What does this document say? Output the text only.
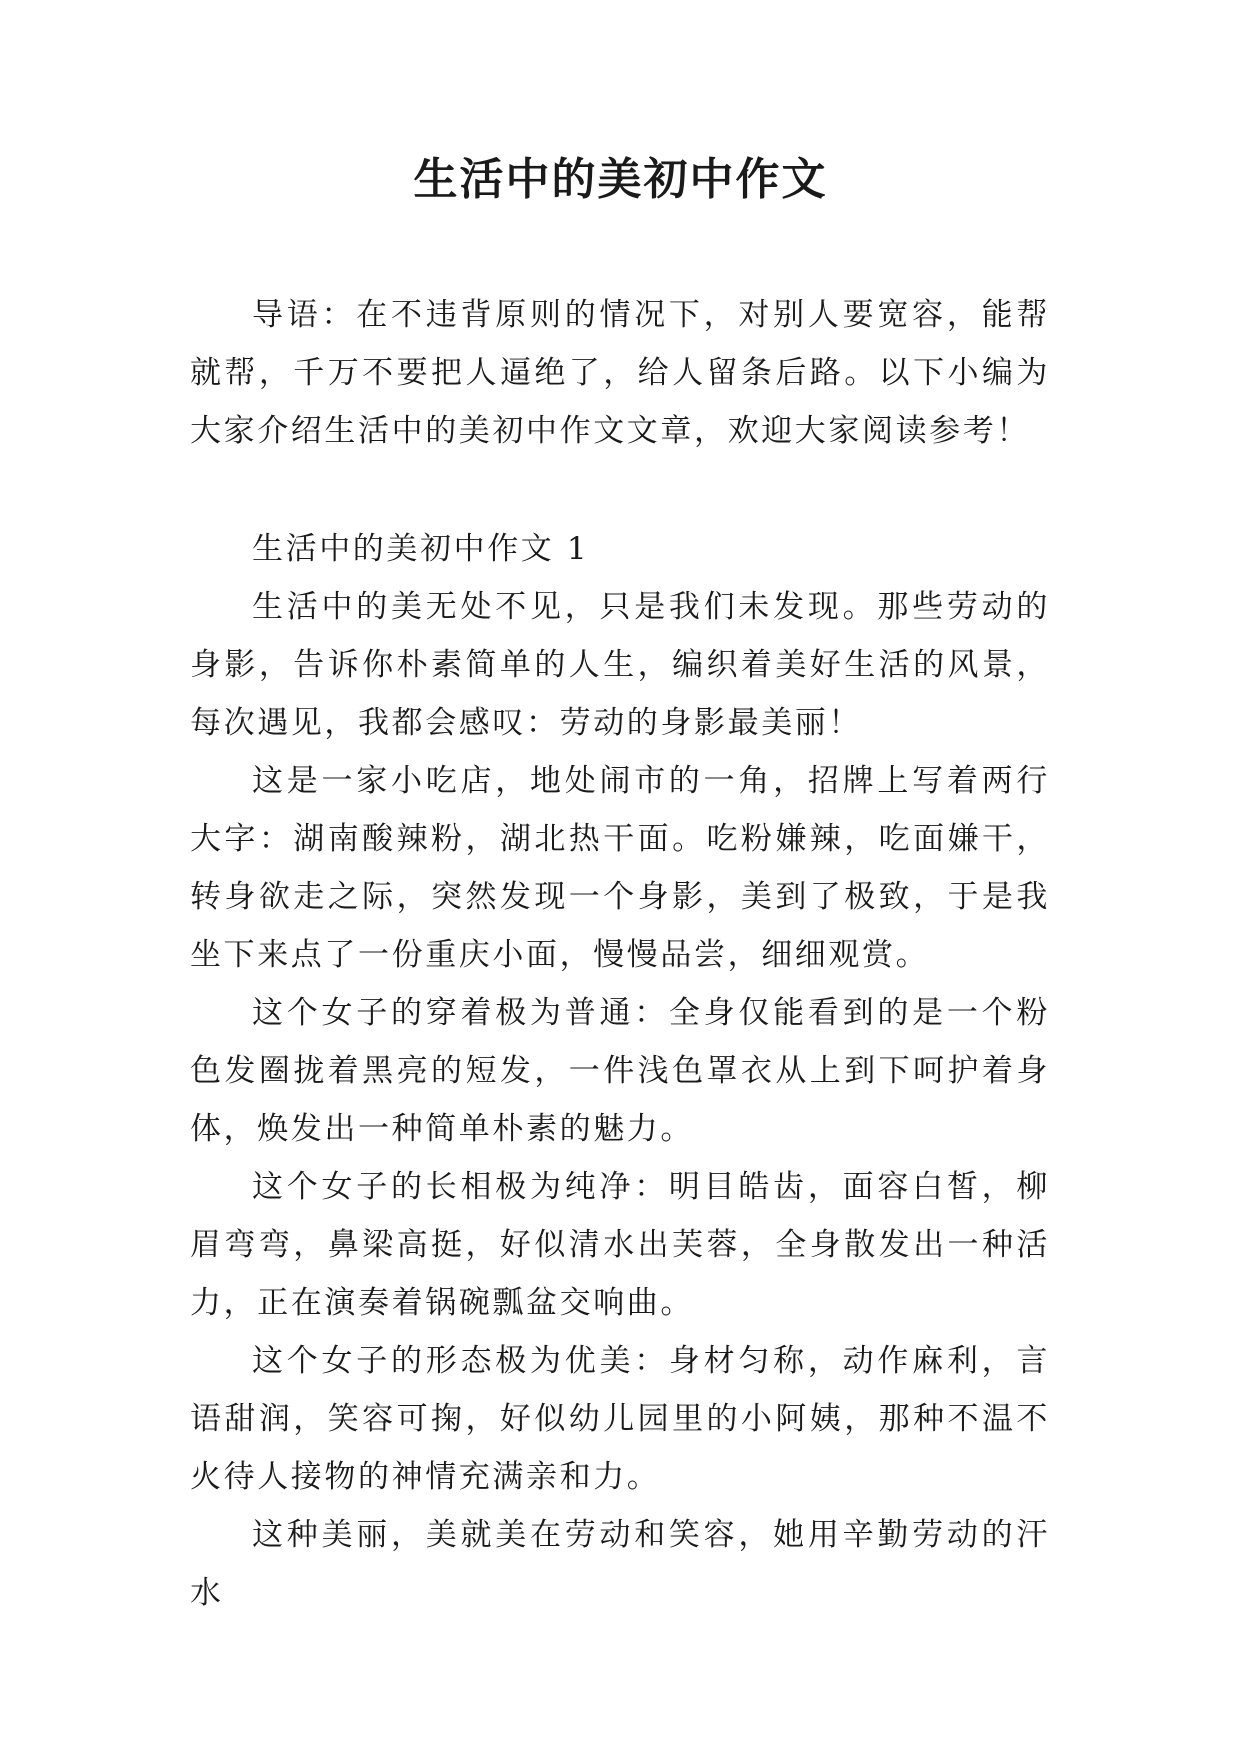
生活中的美初中作文

导语：在不违背原则的情况下，对别人要宽容，能帮就帮，千万不要把人逼绝了，给人留条后路。以下小编为大家介绍生活中的美初中作文文章，欢迎大家阅读参考！

生活中的美初中作文 1

生活中的美无处不见，只是我们未发现。那些劳动的身影，告诉你朴素简单的人生，编织着美好生活的风景，每次遇见，我都会感叹：劳动的身影最美丽！

这是一家小吃店，地处闹市的一角，招牌上写着两行大字：湖南酸辣粉，湖北热干面。吃粉嫌辣，吃面嫌干，转身欲走之际，突然发现一个身影，美到了极致，于是我坐下来点了一份重庆小面，慢慢品尝，细细观赏。

这个女子的穿着极为普通：全身仅能看到的是一个粉色发圈拢着黑亮的短发，一件浅色罩衣从上到下呵护着身体，焕发出一种简单朴素的魅力。

这个女子的长相极为纯净：明目皓齿，面容白皙，柳眉弯弯，鼻梁高挺，好似清水出芙蓉，全身散发出一种活力，正在演奏着锅碗瓢盆交响曲。

这个女子的形态极为优美：身材匀称，动作麻利，言语甜润，笑容可掬，好似幼儿园里的小阿姨，那种不温不火待人接物的神情充满亲和力。

这种美丽，美就美在劳动和笑容，她用辛勤劳动的汗水
